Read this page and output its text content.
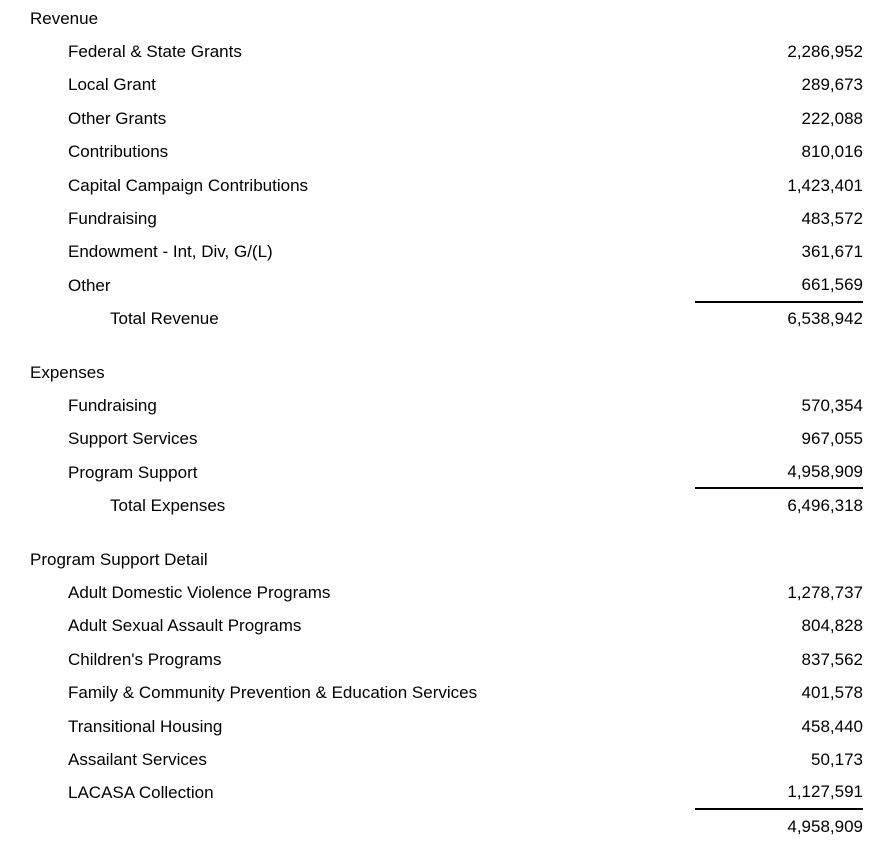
Revenue
Federal & State Grants	2,286,952
Local Grant	289,673
Other Grants	222,088
Contributions	810,016
Capital Campaign Contributions	1,423,401
Fundraising	483,572
Endowment - Int, Div, G/(L)	361,671
Other	661,569
Total Revenue	6,538,942
Expenses
Fundraising	570,354
Support Services	967,055
Program Support	4,958,909
Total Expenses	6,496,318
Program Support Detail
Adult Domestic Violence Programs	1,278,737
Adult Sexual Assault Programs	804,828
Children's Programs	837,562
Family & Community Prevention & Education Services	401,578
Transitional Housing	458,440
Assailant Services	50,173
LACASA Collection	1,127,591
4,958,909
